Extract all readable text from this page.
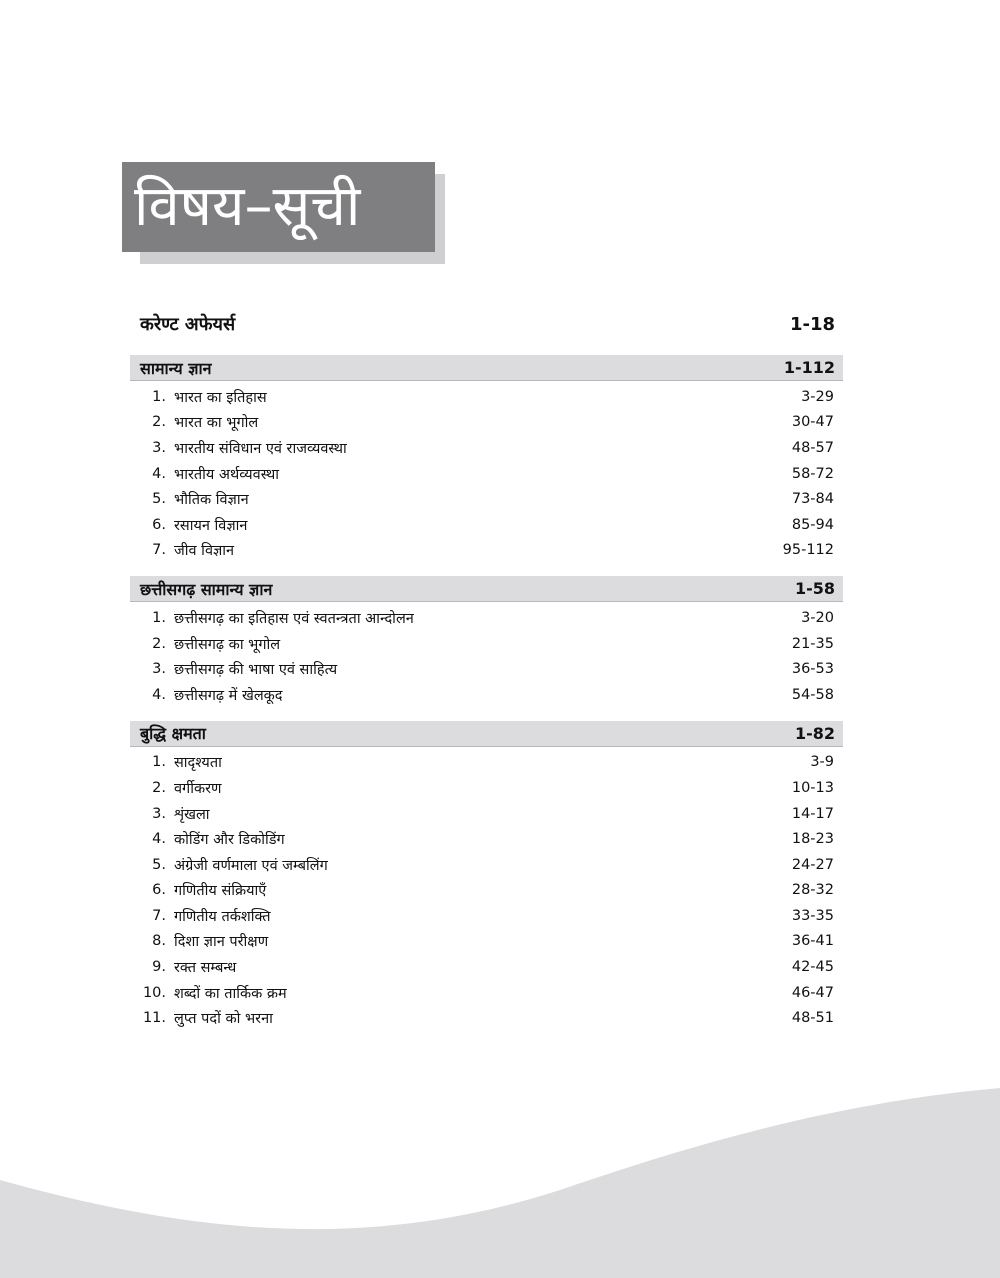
विषय–सूची
करेण्ट अफेयर्स	1-18
सामान्य ज्ञान	1-112
1. भारत का इतिहास	3-29
2. भारत का भूगोल	30-47
3. भारतीय संविधान एवं राजव्यवस्था	48-57
4. भारतीय अर्थव्यवस्था	58-72
5. भौतिक विज्ञान	73-84
6. रसायन विज्ञान	85-94
7. जीव विज्ञान	95-112
छत्तीसगढ़ सामान्य ज्ञान	1-58
1. छत्तीसगढ़ का इतिहास एवं स्वतन्त्रता आन्दोलन	3-20
2. छत्तीसगढ़ का भूगोल	21-35
3. छत्तीसगढ़ की भाषा एवं साहित्य	36-53
4. छत्तीसगढ़ में खेलकूद	54-58
बुद्धि क्षमता	1-82
1. सादृश्यता	3-9
2. वर्गीकरण	10-13
3. शृंखला	14-17
4. कोडिंग और डिकोडिंग	18-23
5. अंग्रेजी वर्णमाला एवं जम्बलिंग	24-27
6. गणितीय संक्रियाएँ	28-32
7. गणितीय तर्कशक्ति	33-35
8. दिशा ज्ञान परीक्षण	36-41
9. रक्त सम्बन्ध	42-45
10. शब्दों का तार्किक क्रम	46-47
11. लुप्त पदों को भरना	48-51
